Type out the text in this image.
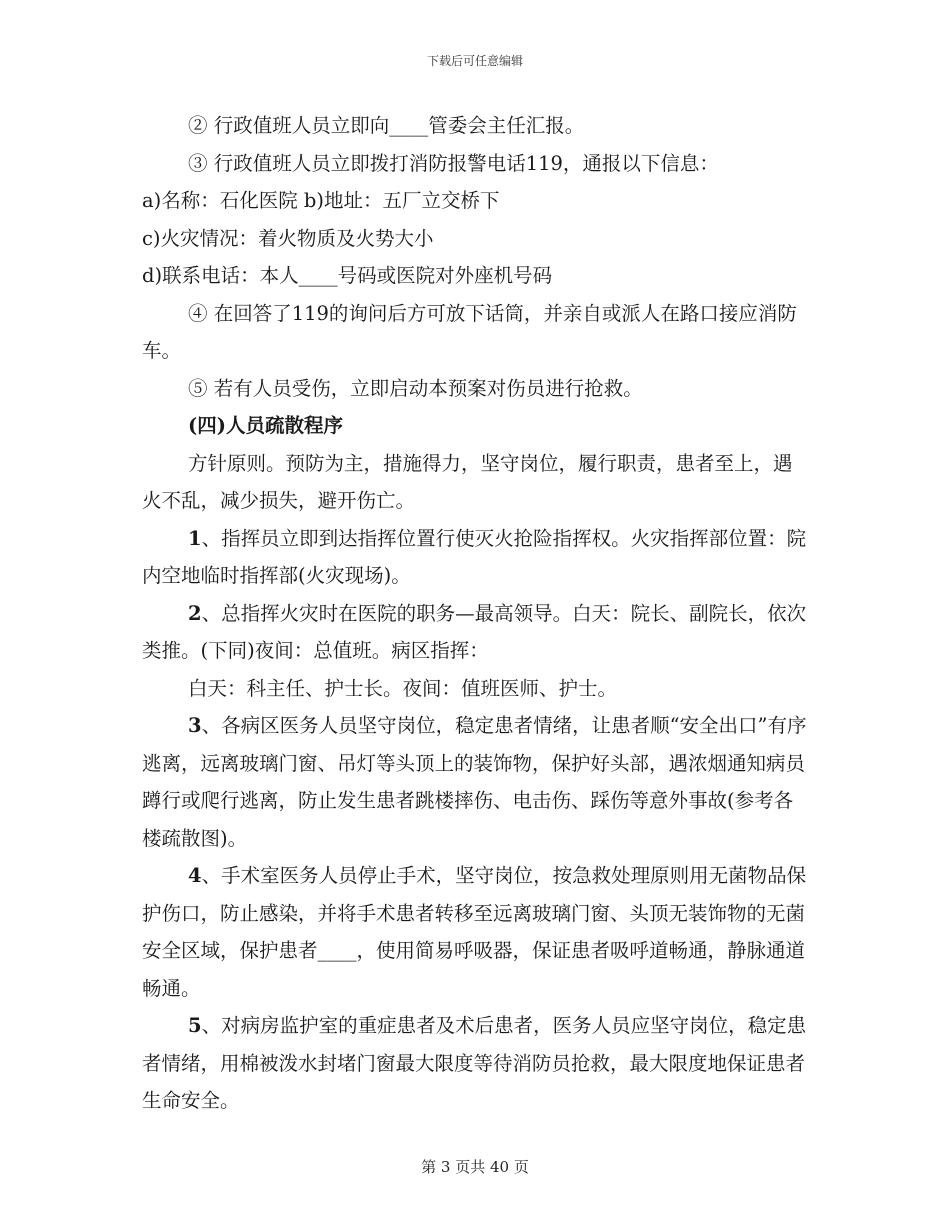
下载后可任意编辑

② 行政值班人员立即向____管委会主任汇报。

③ 行政值班人员立即拨打消防报警电话119，通报以下信息：

a)名称：石化医院 b)地址：五厂立交桥下

c)火灾情况：着火物质及火势大小

d)联系电话：本人____号码或医院对外座机号码

④ 在回答了119的询问后方可放下话筒，并亲自或派人在路口接应消防车。

⑤ 若有人员受伤，立即启动本预案对伤员进行抢救。

(四)人员疏散程序

方针原则。预防为主，措施得力，坚守岗位，履行职责，患者至上，遇火不乱，减少损失，避开伤亡。

1、指挥员立即到达指挥位置行使灭火抢险指挥权。火灾指挥部位置：院内空地临时指挥部(火灾现场)。

2、总指挥火灾时在医院的职务—最高领导。白天：院长、副院长，依次类推。(下同)夜间：总值班。病区指挥：

白天：科主任、护士长。夜间：值班医师、护士。

3、各病区医务人员坚守岗位，稳定患者情绪，让患者顺“安全出口”有序逃离，远离玻璃门窗、吊灯等头顶上的装饰物，保护好头部，遇浓烟通知病员蹲行或爬行逃离，防止发生患者跳楼摔伤、电击伤、踩伤等意外事故(参考各楼疏散图)。

4、手术室医务人员停止手术，坚守岗位，按急救处理原则用无菌物品保护伤口，防止感染，并将手术患者转移至远离玻璃门窗、头顶无装饰物的无菌安全区域，保护患者____，使用简易呼吸器，保证患者吸呼道畅通，静脉通道畅通。

5、对病房监护室的重症患者及术后患者，医务人员应坚守岗位，稳定患者情绪，用棉被泼水封堵门窗最大限度等待消防员抢救，最大限度地保证患者生命安全。

第 3 页共 40 页
